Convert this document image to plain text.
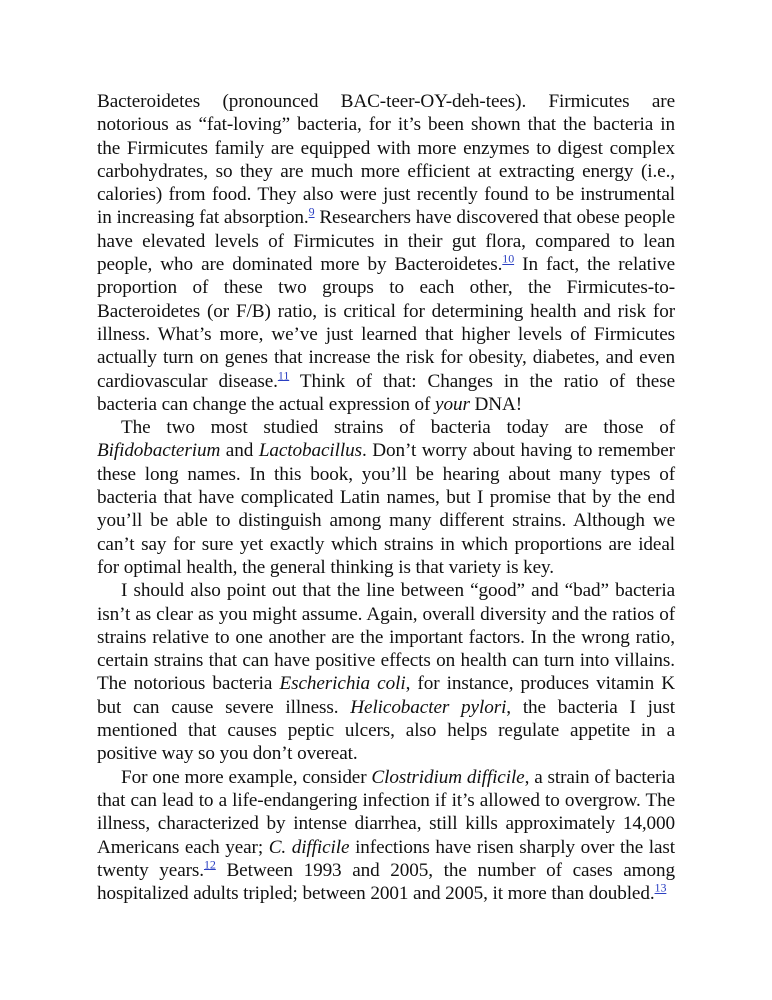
Bacteroidetes (pronounced BAC-teer-OY-deh-tees). Firmicutes are notorious as “fat-loving” bacteria, for it’s been shown that the bacteria in the Firmicutes family are equipped with more enzymes to digest complex carbohydrates, so they are much more efficient at extracting energy (i.e., calories) from food. They also were just recently found to be instrumental in increasing fat absorption.$^9$ Researchers have discovered that obese people have elevated levels of Firmicutes in their gut flora, compared to lean people, who are dominated more by Bacteroidetes.$^{10}$ In fact, the relative proportion of these two groups to each other, the Firmicutes-to-Bacteroidetes (or F/B) ratio, is critical for determining health and risk for illness. What’s more, we’ve just learned that higher levels of Firmicutes actually turn on genes that increase the risk for obesity, diabetes, and even cardiovascular disease.$^{11}$ Think of that: Changes in the ratio of these bacteria can change the actual expression of your DNA!

The two most studied strains of bacteria today are those of Bifidobacterium and Lactobacillus. Don’t worry about having to remember these long names. In this book, you’ll be hearing about many types of bacteria that have complicated Latin names, but I promise that by the end you’ll be able to distinguish among many different strains. Although we can’t say for sure yet exactly which strains in which proportions are ideal for optimal health, the general thinking is that variety is key.

I should also point out that the line between “good” and “bad” bacteria isn’t as clear as you might assume. Again, overall diversity and the ratios of strains relative to one another are the important factors. In the wrong ratio, certain strains that can have positive effects on health can turn into villains. The notorious bacteria Escherichia coli, for instance, produces vitamin K but can cause severe illness. Helicobacter pylori, the bacteria I just mentioned that causes peptic ulcers, also helps regulate appetite in a positive way so you don’t overeat.

For one more example, consider Clostridium difficile, a strain of bacteria that can lead to a life-endangering infection if it’s allowed to overgrow. The illness, characterized by intense diarrhea, still kills approximately 14,000 Americans each year; C. difficile infections have risen sharply over the last twenty years.$^{12}$ Between 1993 and 2005, the number of cases among hospitalized adults tripled; between 2001 and 2005, it more than doubled.$^{13}$
